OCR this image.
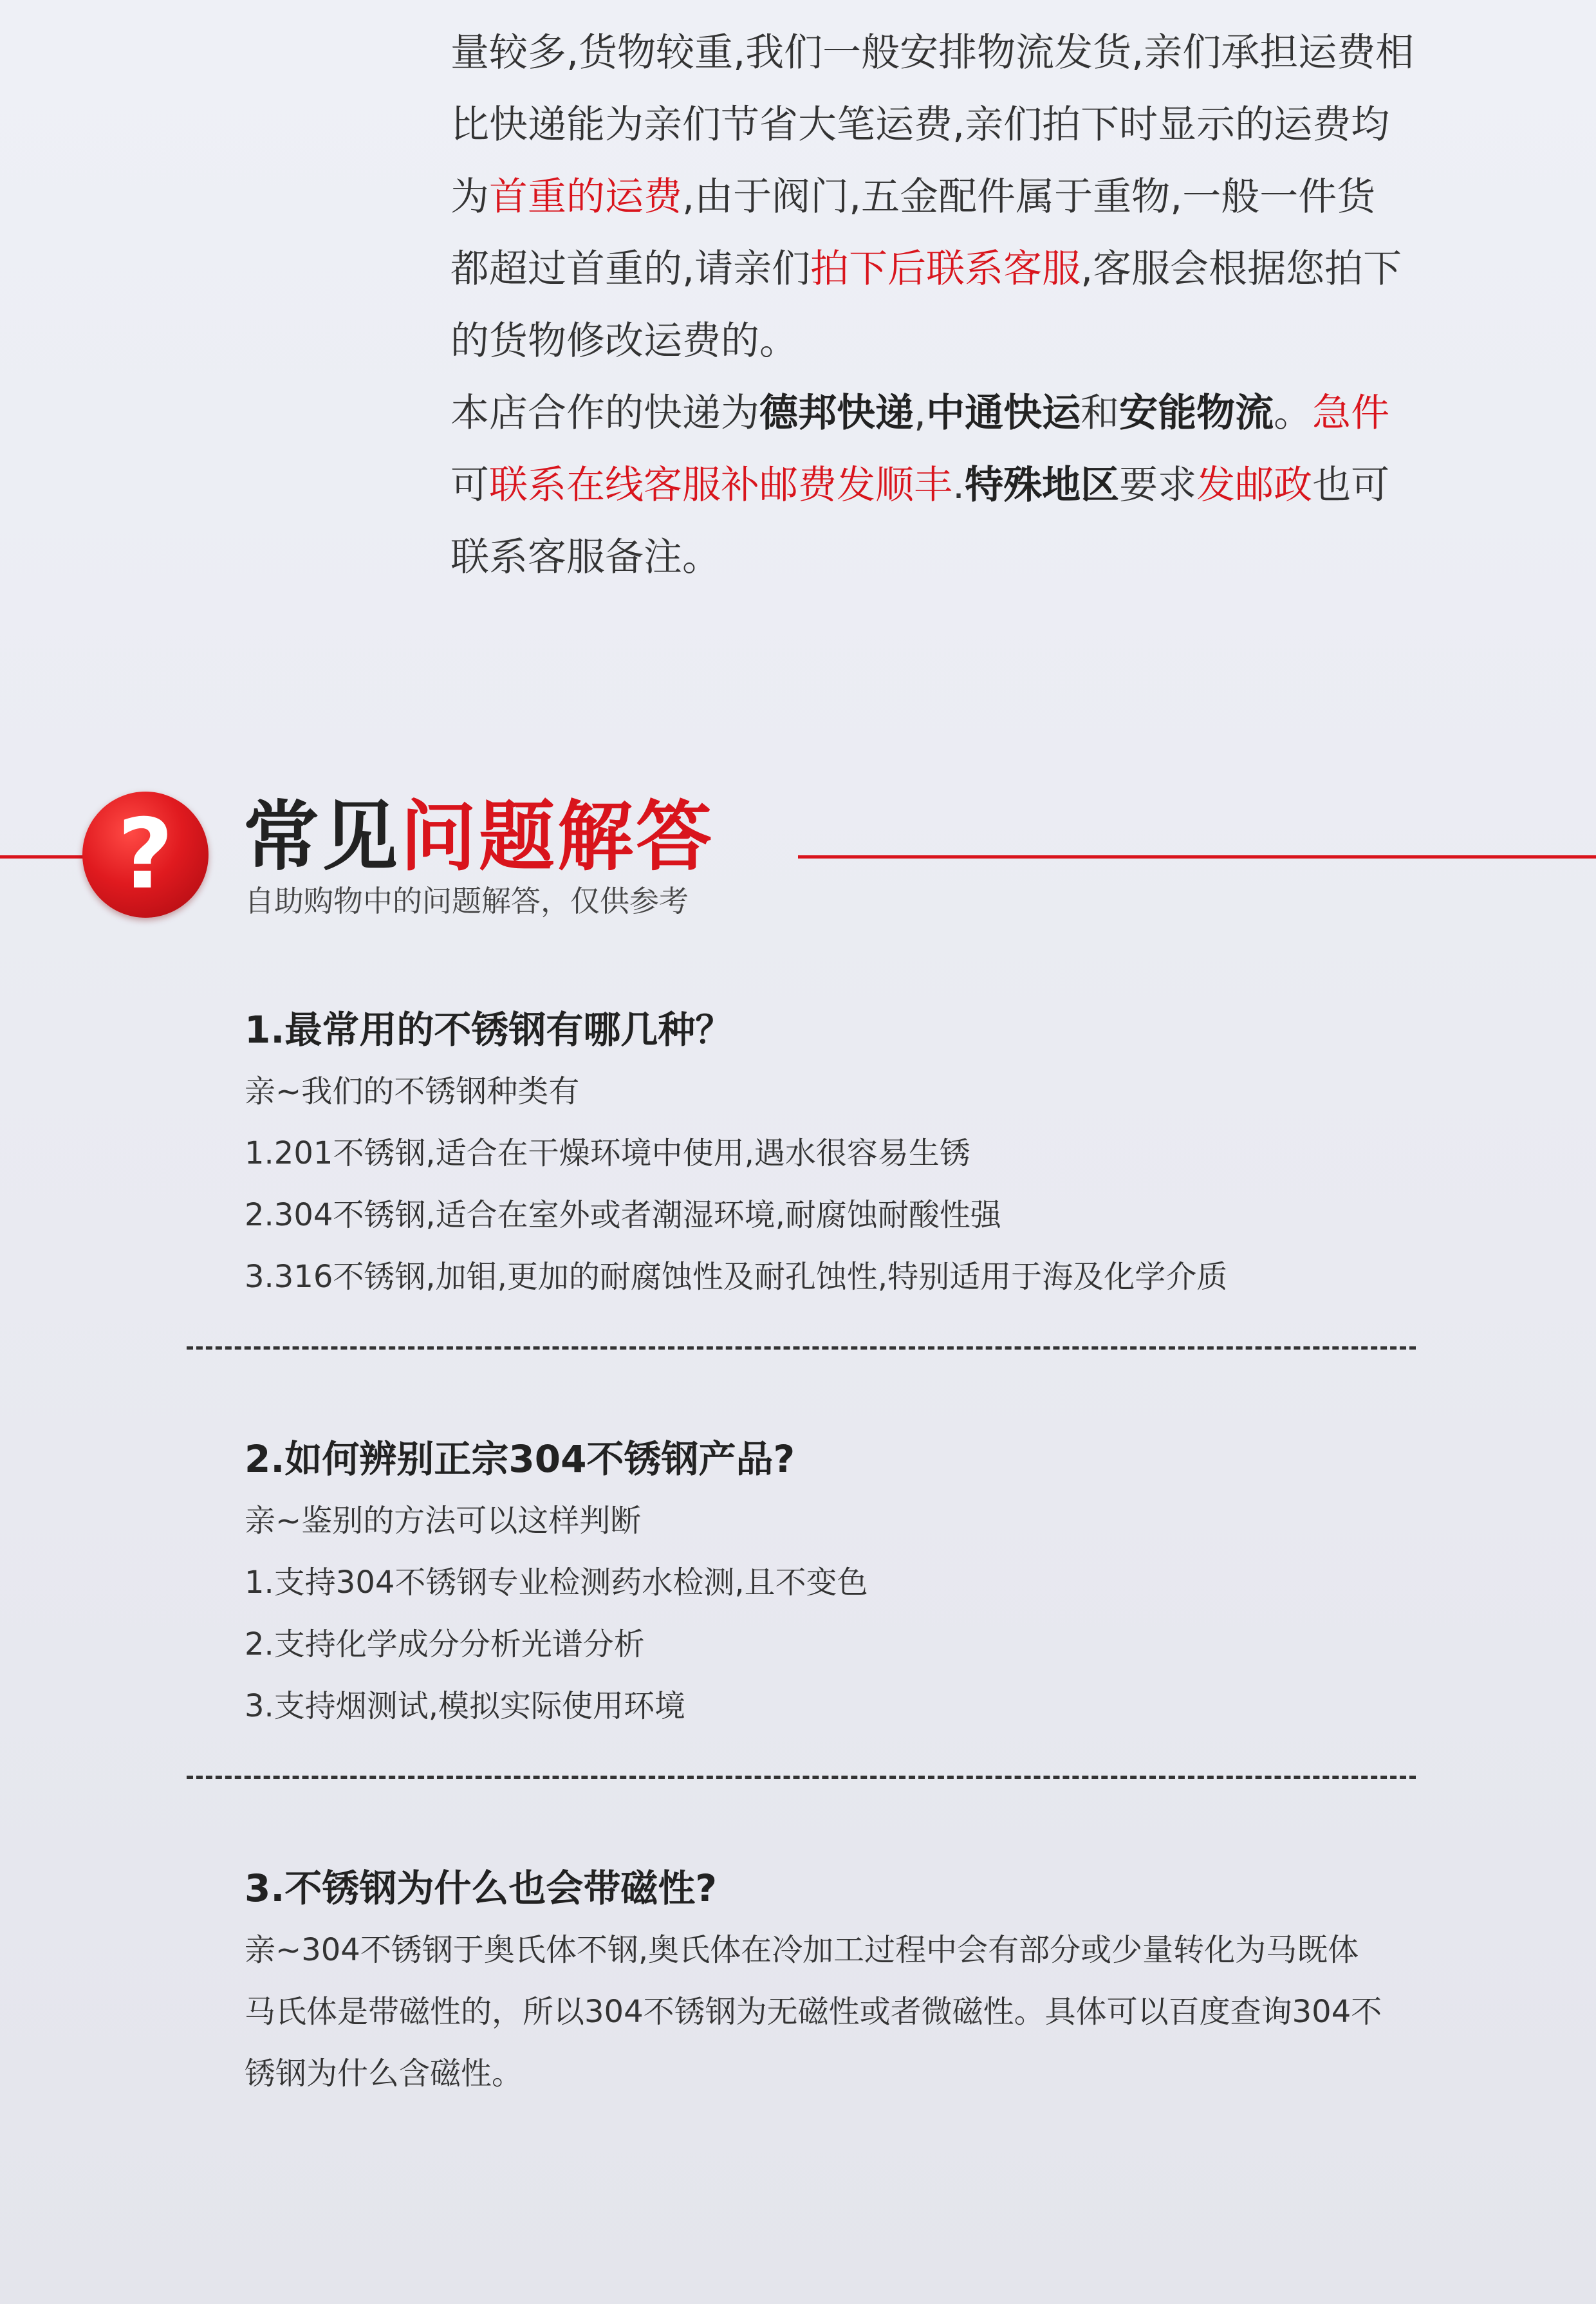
量较多,货物较重,我们一般安排物流发货,亲们承担运费相

比快递能为亲们节省大笔运费,亲们拍下时显示的运费均

为首重的运费,由于阀门,五金配件属于重物,一般一件货

都超过首重的,请亲们拍下后联系客服,客服会根据您拍下

的货物修改运费的。

本店合作的快递为德邦快递,中通快运和安能物流。急件

可联系在线客服补邮费发顺丰.特殊地区要求发邮政也可

联系客服备注。

? 常见问题解答
自助购物中的问题解答，仅供参考
1.最常用的不锈钢有哪几种？
亲~我们的不锈钢种类有
1.201不锈钢,适合在干燥环境中使用,遇水很容易生锈
2.304不锈钢,适合在室外或者潮湿环境,耐腐蚀耐酸性强
3.316不锈钢,加钼,更加的耐腐蚀性及耐孔蚀性,特别适用于海及化学介质
2.如何辨别正宗304不锈钢产品?
亲~鉴别的方法可以这样判断
1.支持304不锈钢专业检测药水检测,且不变色
2.支持化学成分分析光谱分析
3.支持烟测试,模拟实际使用环境
3.不锈钢为什么也会带磁性?
亲~304不锈钢于奥氏体不钢,奥氏体在冷加工过程中会有部分或少量转化为马既体
马氏体是带磁性的，所以304不锈钢为无磁性或者微磁性。具体可以百度查询304不
锈钢为什么含磁性。
